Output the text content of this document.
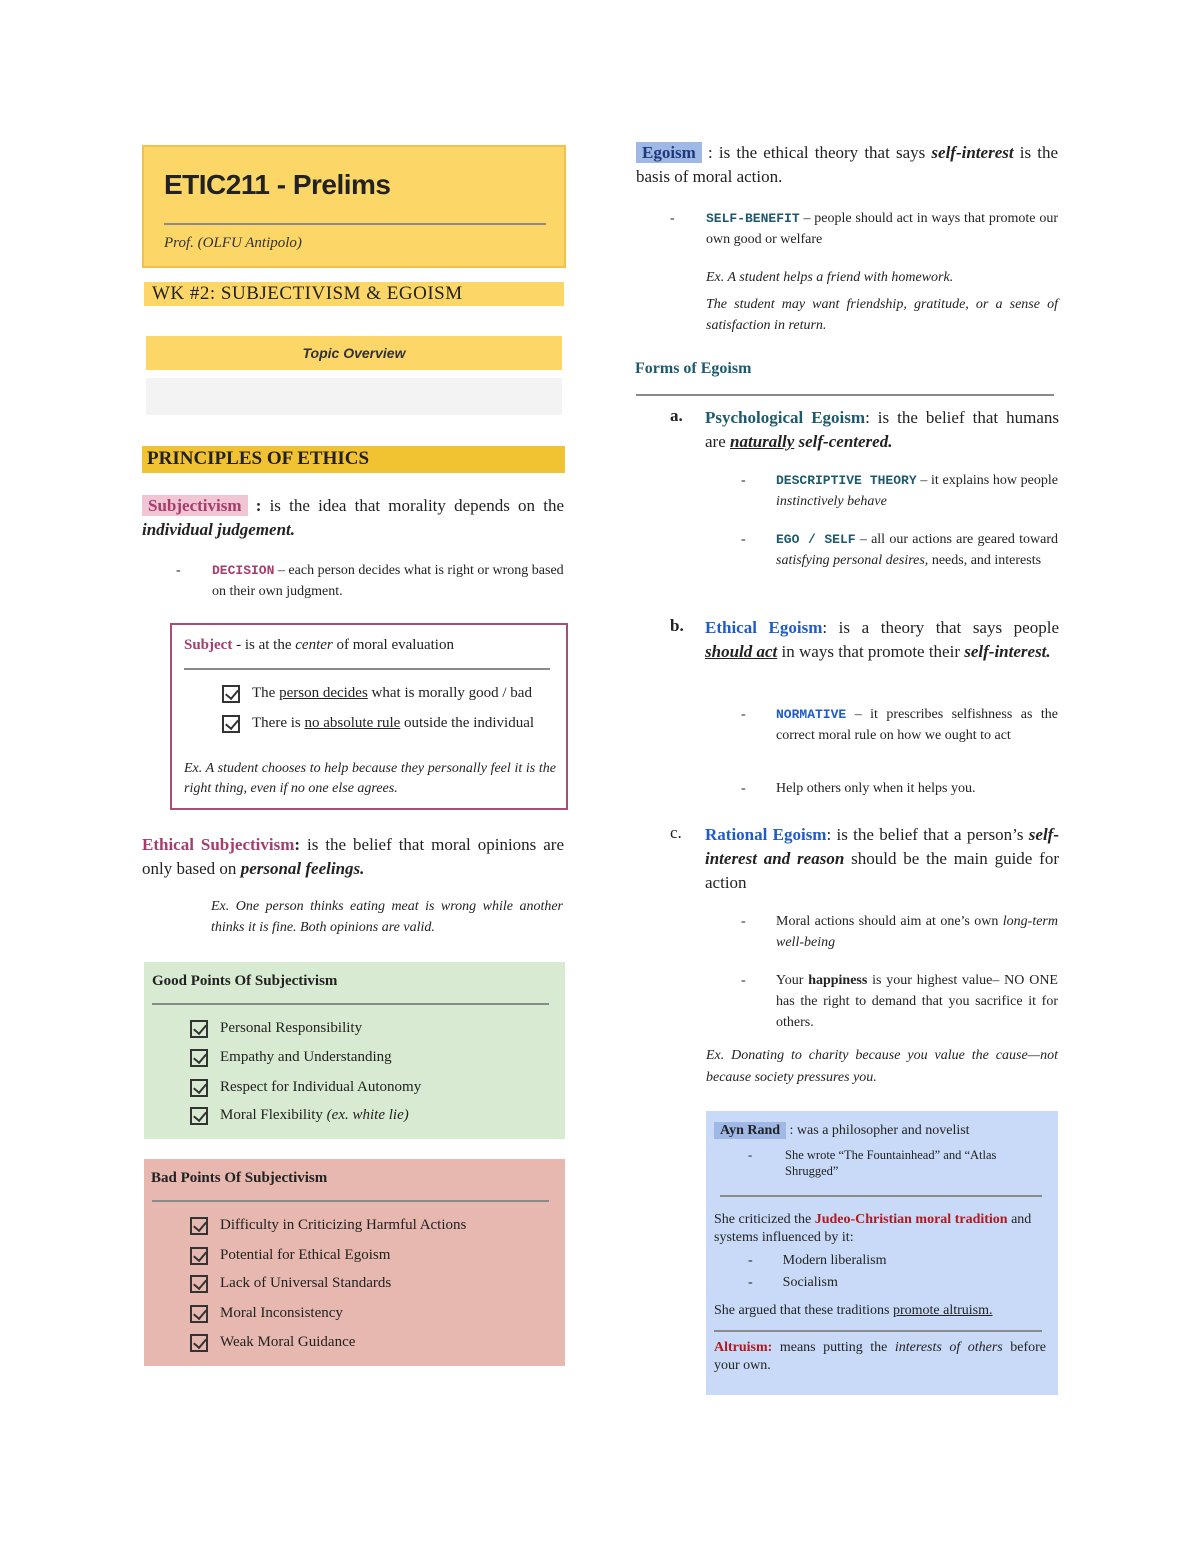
ETIC211 - Prelims
Prof. (OLFU Antipolo)
WK #2: SUBJECTIVISM & EGOISM
Topic Overview
PRINCIPLES OF ETHICS
Subjectivism : is the idea that morality depends on the individual judgement.
- DECISION – each person decides what is right or wrong based on their own judgment.
Subject - is at the center of moral evaluation
The person decides what is morally good / bad
There is no absolute rule outside the individual
Ex. A student chooses to help because they personally feel it is the right thing, even if no one else agrees.
Ethical Subjectivism: is the belief that moral opinions are only based on personal feelings.
Ex. One person thinks eating meat is wrong while another thinks it is fine. Both opinions are valid.
Good Points Of Subjectivism
Personal Responsibility
Empathy and Understanding
Respect for Individual Autonomy
Moral Flexibility (ex. white lie)
Bad Points Of Subjectivism
Difficulty in Criticizing Harmful Actions
Potential for Ethical Egoism
Lack of Universal Standards
Moral Inconsistency
Weak Moral Guidance
Egoism : is the ethical theory that says self-interest is the basis of moral action.
- SELF-BENEFIT – people should act in ways that promote our own good or welfare
Ex. A student helps a friend with homework.
The student may want friendship, gratitude, or a sense of satisfaction in return.
Forms of Egoism
a. Psychological Egoism: is the belief that humans are naturally self-centered.
- DESCRIPTIVE THEORY – it explains how people instinctively behave
- EGO / SELF – all our actions are geared toward satisfying personal desires, needs, and interests
b. Ethical Egoism: is a theory that says people should act in ways that promote their self-interest.
- NORMATIVE – it prescribes selfishness as the correct moral rule on how we ought to act
- Help others only when it helps you.
c. Rational Egoism: is the belief that a person’s self-interest and reason should be the main guide for action
- Moral actions should aim at one’s own long-term well-being
- Your happiness is your highest value– NO ONE has the right to demand that you sacrifice it for others.
Ex. Donating to charity because you value the cause—not because society pressures you.
Ayn Rand : was a philosopher and novelist
-	She wrote “The Fountainhead” and “Atlas Shrugged”
She criticized the Judeo-Christian moral tradition and systems influenced by it:
- Modern liberalism
- Socialism
She argued that these traditions promote altruism.
Altruism: means putting the interests of others before your own.
